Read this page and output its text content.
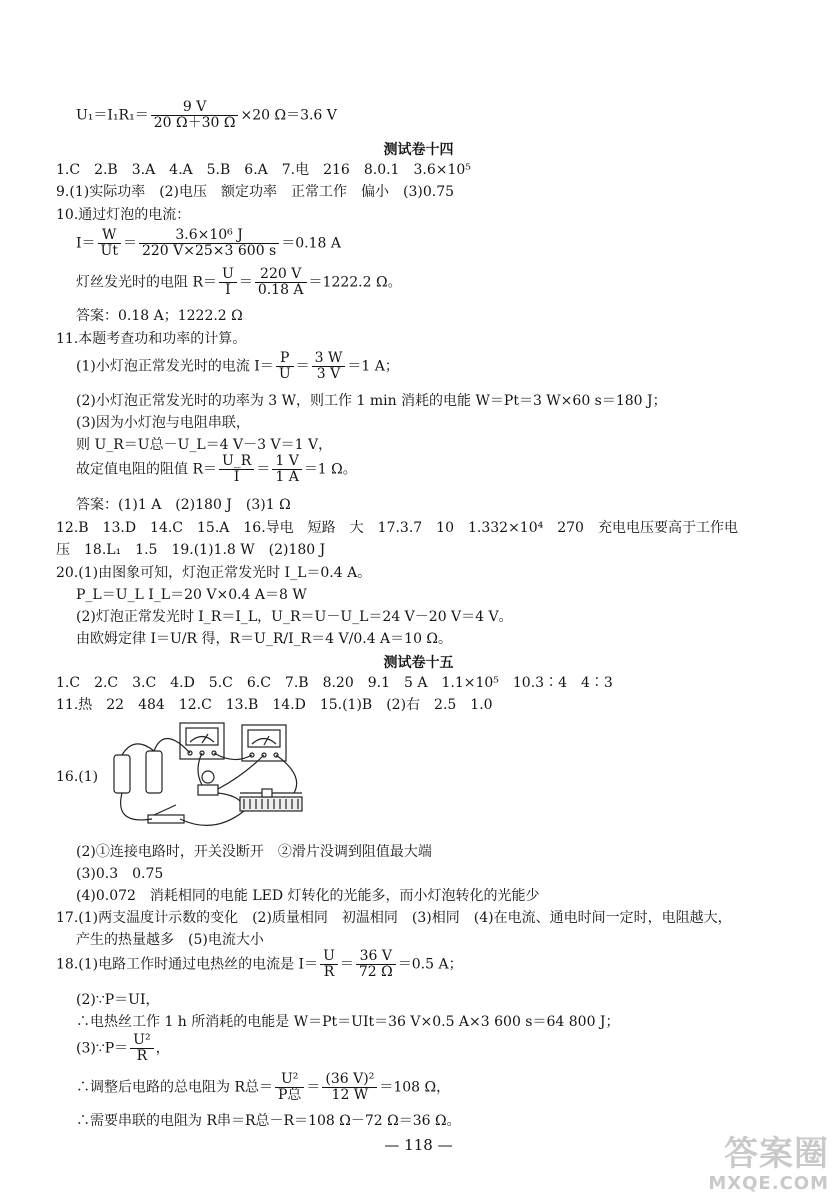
$U_1=I_1R_1= \frac{9 V}{20 \Omega+30 \Omega} \times 20$ Ω＝3.6 V
测试卷十四
1.C　2.B　3.A　4.A　5.B　6.A　7.电　216　8.0.1　3.6×10⁵
9.(1)实际功率　(2)电压　额定功率　正常工作　偏小　(3)0.75
10.通过灯泡的电流：
$I= \frac{W}{Ut} = \frac{\text{3.6×10⁶ J}}{220 V\times 25\times 3 600 s} =0.18$ A
灯丝发光时的电阻 $R= \frac{U}{I} = \frac{220 V}{0.18 A} =1222.2$ Ω。
答案：0.18 A；1222.2 Ω
11.本题考查功和功率的计算。
(1)小灯泡正常发光时的电流 $I= \frac{P}{U} = \frac{3 W}{3 V} =1$ A；
(2)小灯泡正常发光时的功率为 3 W，则工作 1 min 消耗的电能 W＝Pt＝3 W×60 s＝180 J；
(3)因为小灯泡与电阻串联，
则 U_R＝U总－U_L＝4 V－3 V＝1 V，
故定值电阻的阻值 $R= \frac{U\_R}{I} = \frac{1 V}{1 A} =1$ Ω。
答案：(1)1 A　(2)180 J　(3)1 Ω
12.B　13.D　14.C　15.A　16.导电　短路　大　17.3.7　10　1.332×10⁴　270　充电电压要高于工作电
压　18.L₁　1.5　19.(1)1.8 W　(2)180 J
20.(1)由图象可知，灯泡正常发光时 I_L＝0.4 A。
P_L＝U_L I_L＝20 V×0.4 A＝8 W
(2)灯泡正常发光时 I_R＝I_L，U_R＝U－U_L＝24 V－20 V＝4 V。
由欧姆定律 I＝U/R 得，R＝U_R/I_R＝4 V/0.4 A＝10 Ω。
测试卷十五
1.C　2.C　3.C　4.D　5.C　6.C　7.B　8.20　9.1　5 A　1.1×10⁵　10.3∶4　4∶3
11.热　22　484　12.C　13.B　14.D　15.(1)B　(2)右　2.5　1.0
16.(1)
(2)①连接电路时，开关没断开　②滑片没调到阻值最大端
(3)0.3　0.75
(4)0.072　消耗相同的电能 LED 灯转化的光能多，而小灯泡转化的光能少
17.(1)两支温度计示数的变化　(2)质量相同　初温相同　(3)相同　(4)在电流、通电时间一定时，电阻越大，
产生的热量越多　(5)电流大小
18.(1)电路工作时通过电热丝的电流是 $I= \frac{U}{R} = \frac{36 V}{72 \Omega} =0.5$ A；
(2)∵P＝UI，
∴电热丝工作 1 h 所消耗的电能是 W＝Pt＝UIt＝36 V×0.5 A×3 600 s＝64 800 J；
(3)∵P＝ $\frac{\text{U²}}{R}$ ，
∴调整后电路的总电阻为 R总＝ $\frac{\text{U²}}{\text{P总}} = \frac{\text{(36 V)²}}{12 W} =108$ Ω，
∴需要串联的电阻为 R串＝R总－R＝108 Ω－72 Ω＝36 Ω。
— 118 —	答案圈
MXQE.COM
